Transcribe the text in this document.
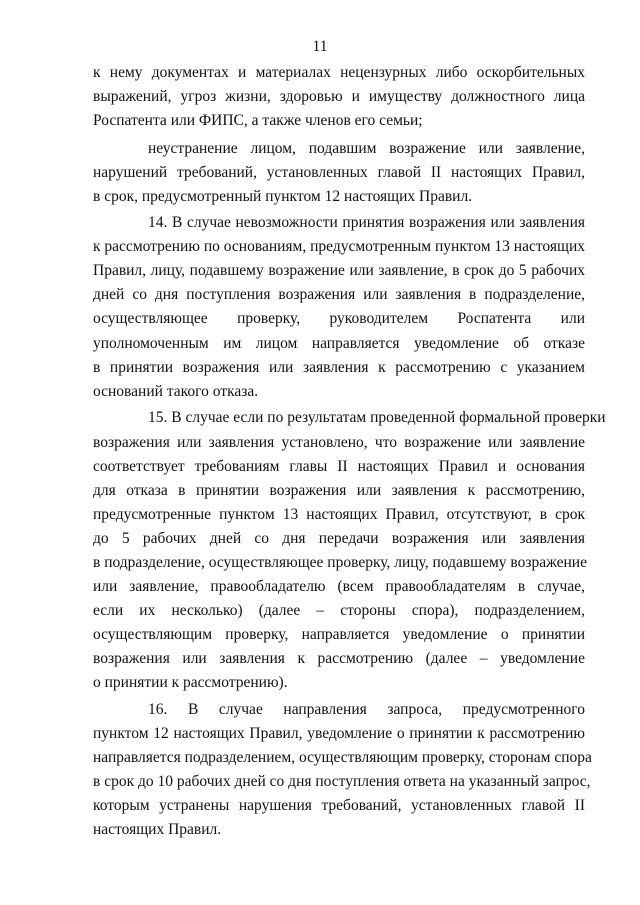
11
к нему документах и материалах нецензурных либо оскорбительных
выражений, угроз жизни, здоровью и имуществу должностного лица
Роспатента или ФИПС, а также членов его семьи;
неустранение лицом, подавшим возражение или заявление,
нарушений требований, установленных главой II настоящих Правил,
в срок, предусмотренный пунктом 12 настоящих Правил.
14. В случае невозможности принятия возражения или заявления
к рассмотрению по основаниям, предусмотренным пунктом 13 настоящих
Правил, лицу, подавшему возражение или заявление, в срок до 5 рабочих
дней со дня поступления возражения или заявления в подразделение,
осуществляющее проверку, руководителем Роспатента или
уполномоченным им лицом направляется уведомление об отказе
в принятии возражения или заявления к рассмотрению с указанием
оснований такого отказа.
15. В случае если по результатам проведенной формальной проверки
возражения или заявления установлено, что возражение или заявление
соответствует требованиям главы II настоящих Правил и основания
для отказа в принятии возражения или заявления к рассмотрению,
предусмотренные пунктом 13 настоящих Правил, отсутствуют, в срок
до 5 рабочих дней со дня передачи возражения или заявления
в подразделение, осуществляющее проверку, лицу, подавшему возражение
или заявление, правообладателю (всем правообладателям в случае,
если их несколько) (далее – стороны спора), подразделением,
осуществляющим проверку, направляется уведомление о принятии
возражения или заявления к рассмотрению (далее – уведомление
о принятии к рассмотрению).
16. В случае направления запроса, предусмотренного
пунктом 12 настоящих Правил, уведомление о принятии к рассмотрению
направляется подразделением, осуществляющим проверку, сторонам спора
в срок до 10 рабочих дней со дня поступления ответа на указанный запрос,
которым устранены нарушения требований, установленных главой II
настоящих Правил.
